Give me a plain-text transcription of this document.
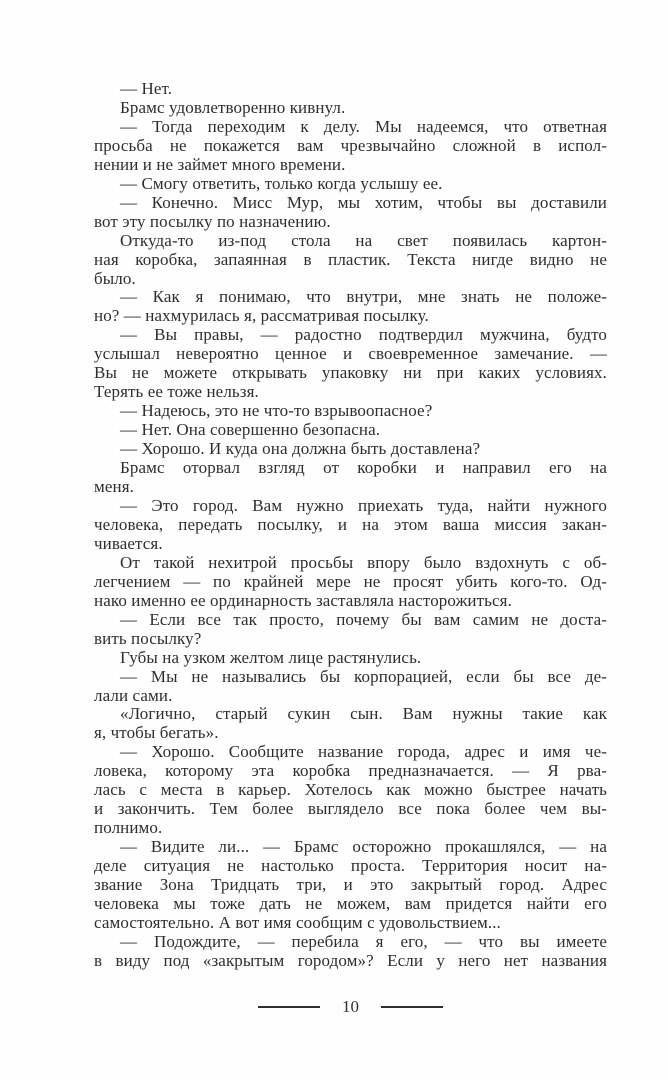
— Нет.
Брамс удовлетворенно кивнул.
— Тогда переходим к делу. Мы надеемся, что ответная
просьба не покажется вам чрезвычайно сложной в испол-
нении и не займет много времени.
— Смогу ответить, только когда услышу ее.
— Конечно. Мисс Мур, мы хотим, чтобы вы доставили
вот эту посылку по назначению.
Откуда-то из-под стола на свет появилась картон-
ная коробка, запаянная в пластик. Текста нигде видно не
было.
— Как я понимаю, что внутри, мне знать не положе-
но? — нахмурилась я, рассматривая посылку.
— Вы правы, — радостно подтвердил мужчина, будто
услышал невероятно ценное и своевременное замечание. —
Вы не можете открывать упаковку ни при каких условиях.
Терять ее тоже нельзя.
— Надеюсь, это не что-то взрывоопасное?
— Нет. Она совершенно безопасна.
— Хорошо. И куда она должна быть доставлена?
Брамс оторвал взгляд от коробки и направил его на
меня.
— Это город. Вам нужно приехать туда, найти нужного
человека, передать посылку, и на этом ваша миссия закан-
чивается.
От такой нехитрой просьбы впору было вздохнуть с об-
легчением — по крайней мере не просят убить кого-то. Од-
нако именно ее ординарность заставляла насторожиться.
— Если все так просто, почему бы вам самим не доста-
вить посылку?
Губы на узком желтом лице растянулись.
— Мы не назывались бы корпорацией, если бы все де-
лали сами.
«Логично, старый сукин сын. Вам нужны такие как
я, чтобы бегать».
— Хорошо. Сообщите название города, адрес и имя че-
ловека, которому эта коробка предназначается. — Я рва-
лась с места в карьер. Хотелось как можно быстрее начать
и закончить. Тем более выглядело все пока более чем вы-
полнимо.
— Видите ли... — Брамс осторожно прокашлялся, — на
деле ситуация не настолько проста. Территория носит на-
звание Зона Тридцать три, и это закрытый город. Адрес
человека мы тоже дать не можем, вам придется найти его
самостоятельно. А вот имя сообщим с удовольствием...
— Подождите, — перебила я его, — что вы имеете
в виду под «закрытым городом»? Если у него нет названия
10
